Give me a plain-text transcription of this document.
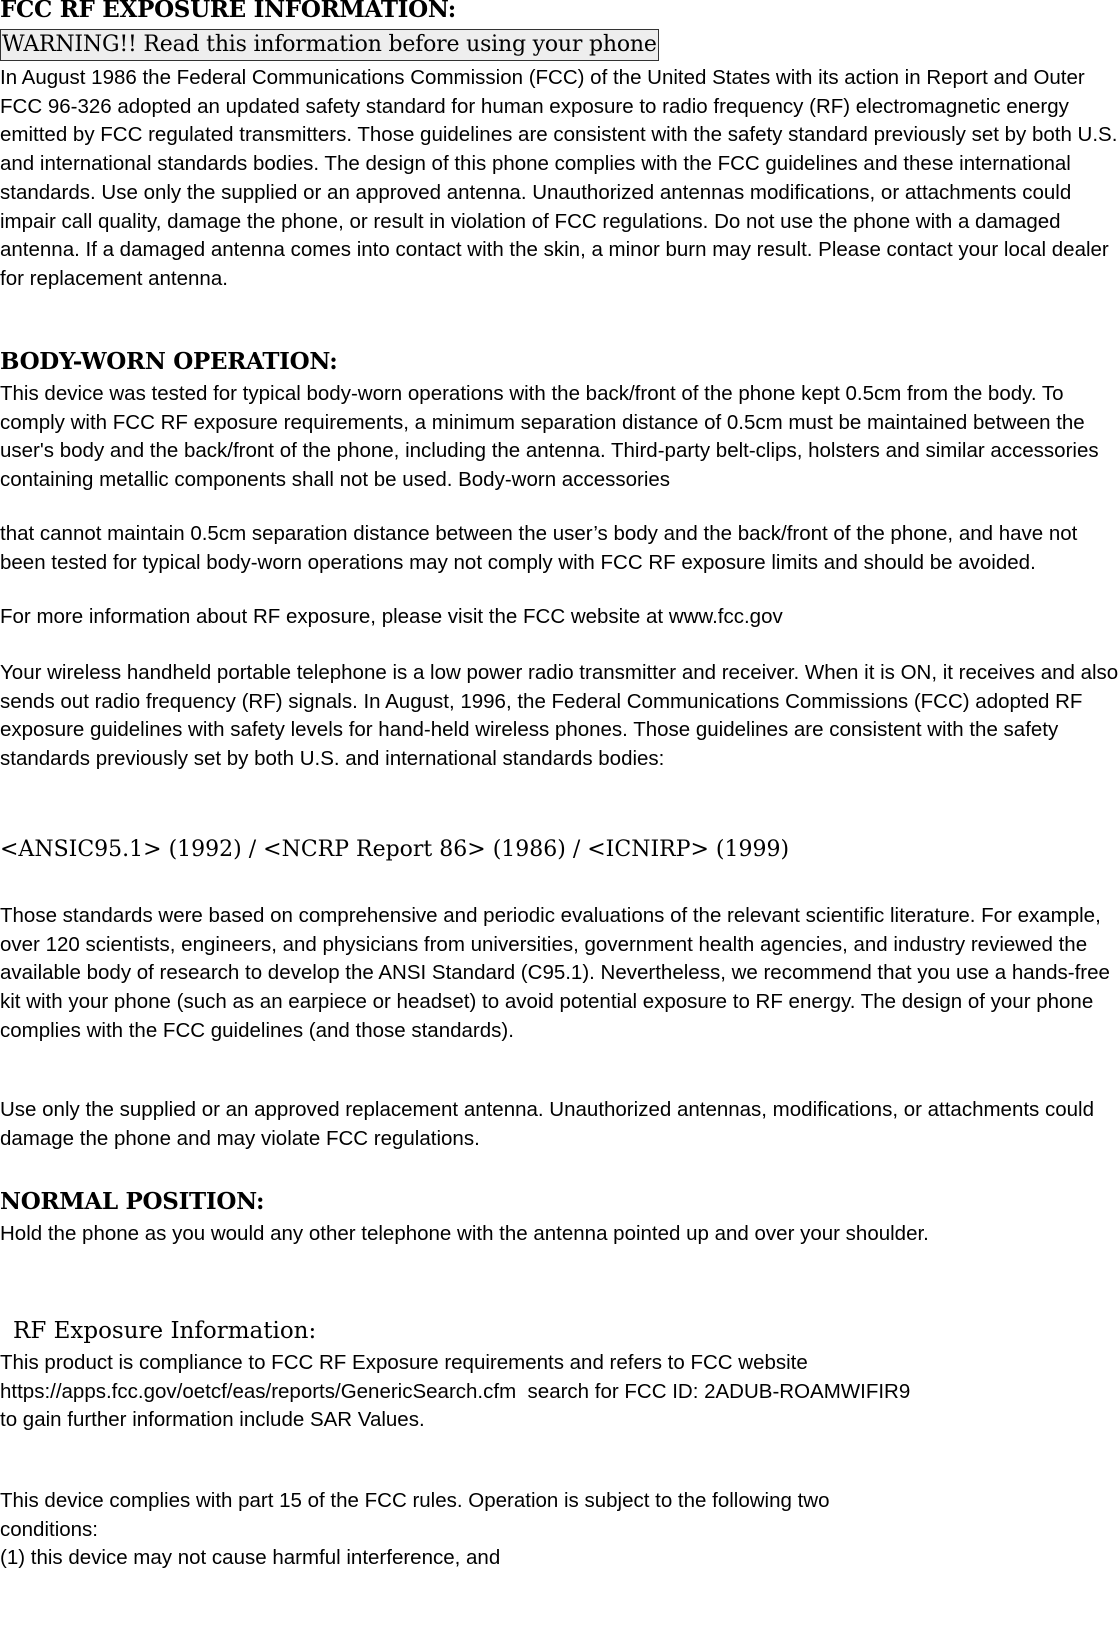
FCC RF EXPOSURE INFORMATION:
WARNING!! Read this information before using your phone

In August 1986 the Federal Communications Commission (FCC) of the United States with its action in Report and Outer FCC 96-326 adopted an updated safety standard for human exposure to radio frequency (RF) electromagnetic energy emitted by FCC regulated transmitters. Those guidelines are consistent with the safety standard previously set by both U.S. and international standards bodies. The design of this phone complies with the FCC guidelines and these international standards. Use only the supplied or an approved antenna. Unauthorized antennas modifications, or attachments could impair call quality, damage the phone, or result in violation of FCC regulations. Do not use the phone with a damaged antenna. If a damaged antenna comes into contact with the skin, a minor burn may result. Please contact your local dealer for replacement antenna.

BODY-WORN OPERATION:

This device was tested for typical body-worn operations with the back/front of the phone kept 0.5cm from the body. To comply with FCC RF exposure requirements, a minimum separation distance of 0.5cm must be maintained between the user's body and the back/front of the phone, including the antenna. Third-party belt-clips, holsters and similar accessories containing metallic components shall not be used. Body-worn accessories

that cannot maintain 0.5cm separation distance between the user’s body and the back/front of the phone, and have not been tested for typical body-worn operations may not comply with FCC RF exposure limits and should be avoided.

For more information about RF exposure, please visit the FCC website at www.fcc.gov

Your wireless handheld portable telephone is a low power radio transmitter and receiver. When it is ON, it receives and also sends out radio frequency (RF) signals. In August, 1996, the Federal Communications Commissions (FCC) adopted RF exposure guidelines with safety levels for hand-held wireless phones. Those guidelines are consistent with the safety standards previously set by both U.S. and international standards bodies:

<ANSIC95.1> (1992) / <NCRP Report 86> (1986) / <ICNIRP> (1999)

Those standards were based on comprehensive and periodic evaluations of the relevant scientific literature. For example, over 120 scientists, engineers, and physicians from universities, government health agencies, and industry reviewed the available body of research to develop the ANSI Standard (C95.1). Nevertheless, we recommend that you use a hands-free kit with your phone (such as an earpiece or headset) to avoid potential exposure to RF energy. The design of your phone complies with the FCC guidelines (and those standards).

Use only the supplied or an approved replacement antenna. Unauthorized antennas, modifications, or attachments could damage the phone and may violate FCC regulations.

NORMAL POSITION:

Hold the phone as you would any other telephone with the antenna pointed up and over your shoulder.

RF Exposure Information:
This product is compliance to FCC RF Exposure requirements and refers to FCC website
https://apps.fcc.gov/oetcf/eas/reports/GenericSearch.cfm  search for FCC ID: 2ADUB-ROAMWIFIR9
to gain further information include SAR Values.
This device complies with part 15 of the FCC rules. Operation is subject to the following two
conditions:
(1) this device may not cause harmful interference, and
